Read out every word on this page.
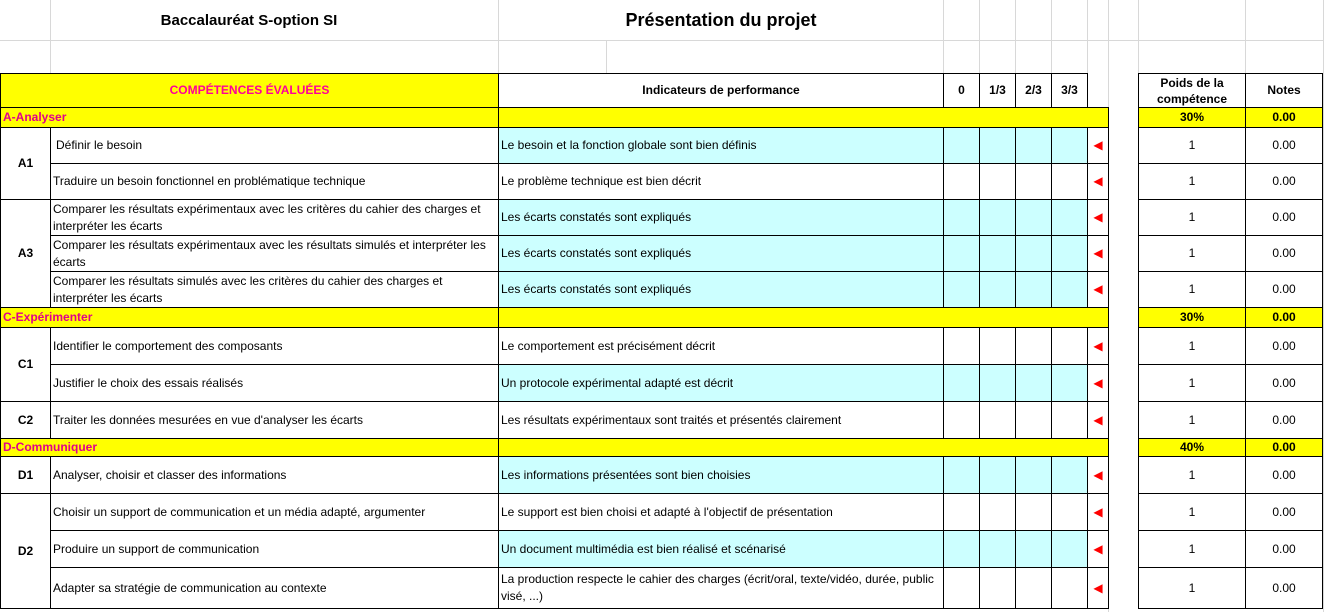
Baccalauréat S-option SI	Présentation du projet
COMPÉTENCES ÉVALUÉES		Indicateurs de performance	0	1/3	2/3	3/3			Poids de la compétence	Notes
A-Analyser									30%	0.00
A1	Définir le besoin	Le besoin et la fonction globale sont bien définis					◀		1	0.00
	Traduire un besoin fonctionnel en problématique technique	Le problème technique est bien décrit					◀		1	0.00
A3	Comparer les résultats expérimentaux avec les critères du cahier des charges et interpréter les écarts	Les écarts constatés sont expliqués					◀		1	0.00
	Comparer les résultats expérimentaux avec les résultats simulés et interpréter les écarts	Les écarts constatés sont expliqués					◀		1	0.00
	Comparer les résultats simulés avec les critères du cahier des charges et interpréter les écarts	Les écarts constatés sont expliqués					◀		1	0.00
C-Expérimenter									30%	0.00
C1	Identifier le comportement des composants	Le comportement est précisément décrit					◀		1	0.00
	Justifier le choix des essais réalisés	Un protocole expérimental adapté est décrit					◀		1	0.00
C2	Traiter les données mesurées en vue d'analyser les écarts	Les résultats expérimentaux sont traités et présentés clairement					◀		1	0.00
D-Communiquer									40%	0.00
D1	Analyser, choisir et classer des informations	Les informations présentées sont bien choisies					◀		1	0.00
D2	Choisir un support de communication et un média adapté, argumenter	Le support est bien choisi et adapté à l'objectif de présentation					◀		1	0.00
	Produire un support de communication	Un document multimédia est bien réalisé et scénarisé					◀		1	0.00
	Adapter sa stratégie de communication au contexte	La production respecte le cahier des charges (écrit/oral, texte/vidéo, durée, public visé, ...)					◀		1	0.00
